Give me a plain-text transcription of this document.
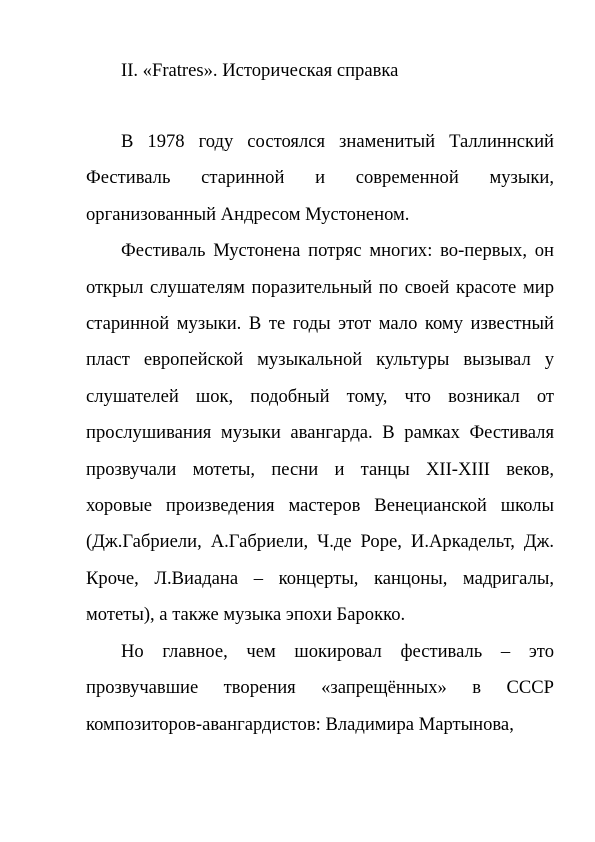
II. «Fratres». Историческая справка

В 1978 году состоялся знаменитый Таллиннский Фестиваль старинной и современной музыки, организованный Андресом Мустоненом.

Фестиваль Мустонена потряс многих: во-первых, он открыл слушателям поразительный по своей красоте мир старинной музыки. В те годы этот мало кому известный пласт европейской музыкальной культуры вызывал у слушателей шок, подобный тому, что возникал от прослушивания музыки авангарда. В рамках Фестиваля прозвучали мотеты, песни и танцы XII-XIII веков, хоровые произведения мастеров Венецианской школы (Дж.Габриели, А.Габриели, Ч.де Роре, И.Аркадельт, Дж. Кроче, Л.Виадана – концерты, канцоны, мадригалы, мотеты), а также музыка эпохи Барокко.

Но главное, чем шокировал фестиваль – это прозвучавшие творения «запрещённых» в СССР композиторов-авангардистов: Владимира Мартынова,
